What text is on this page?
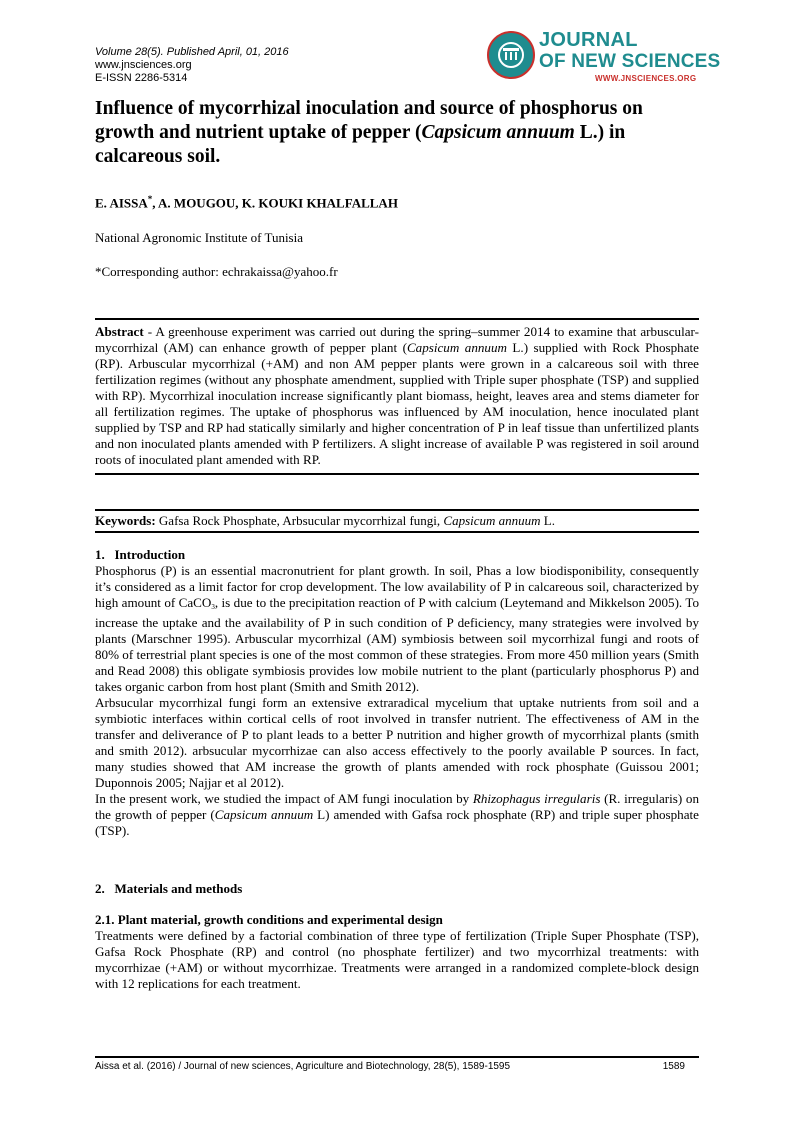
Volume 28(5). Published April, 01, 2016
www.jnsciences.org
E-ISSN 2286-5314
JOURNAL
OF NEW SCIENCES
WWW.JNSCIENCES.ORG
Influence of mycorrhizal inoculation and source of phosphorus on growth and nutrient uptake of pepper (Capsicum annuum L.) in calcareous soil.
E. AISSA*, A. MOUGOU, K. KOUKI KHALFALLAH
National Agronomic Institute of Tunisia
*Corresponding author: echrakaissa@yahoo.fr

Abstract - A greenhouse experiment was carried out during the spring–summer 2014 to examine that arbuscular-mycorrhizal (AM) can enhance growth of pepper plant (Capsicum annuum L.) supplied with Rock Phosphate (RP). Arbuscular mycorrhizal (+AM) and non AM pepper plants were grown in a calcareous soil with three fertilization regimes (without any phosphate amendment, supplied with Triple super phosphate (TSP) and supplied with RP). Mycorrhizal inoculation increase significantly plant biomass, height, leaves area and stems diameter for all fertilization regimes. The uptake of phosphorus was influenced by AM inoculation, hence inoculated plant supplied by TSP and RP had statically similarly and higher concentration of P in leaf tissue than unfertilized plants and non inoculated plants amended with P fertilizers. A slight increase of available P was registered in soil around roots of inoculated plant amended with RP.

Keywords: Gafsa Rock Phosphate, Arbsucular mycorrhizal fungi, Capsicum annuum L.
1.   Introduction

Phosphorus (P) is an essential macronutrient for plant growth. In soil, Phas a low biodisponibility, consequently it’s considered as a limit factor for crop development. The low availability of P in calcareous soil, characterized by high amount of CaCO$_3$, is due to the precipitation reaction of P with calcium (Leytemand and Mikkelson 2005). To increase the uptake and the availability of P in such condition of P deficiency, many strategies were involved by plants (Marschner 1995). Arbuscular mycorrhizal (AM) symbiosis between soil mycorrhizal fungi and roots of 80% of terrestrial plant species is one of the most common of these strategies. From more 450 million years (Smith and Read 2008) this obligate symbiosis provides low mobile nutrient to the plant (particularly phosphorus P) and takes organic carbon from host plant (Smith and Smith 2012).

Arbsucular mycorrhizal fungi form an extensive extraradical mycelium that uptake nutrients from soil and a symbiotic interfaces within cortical cells of root involved in transfer nutrient. The effectiveness of AM in the transfer and deliverance of P to plant leads to a better P nutrition and higher growth of mycorrhizal plants (smith and smith 2012). arbsucular mycorrhizae can also access effectively to the poorly available P sources. In fact, many studies showed that AM increase the growth of plants amended with rock phosphate (Guissou 2001; Duponnois 2005; Najjar et al 2012).

In the present work, we studied the impact of AM fungi inoculation by Rhizophagus irregularis (R. irregularis) on the growth of pepper (Capsicum annuum L) amended with Gafsa rock phosphate (RP) and triple super phosphate (TSP).

2.   Materials and methods
2.1. Plant material, growth conditions and experimental design

Treatments were defined by a factorial combination of three type of fertilization (Triple Super Phosphate (TSP), Gafsa Rock Phosphate (RP) and control (no phosphate fertilizer) and two mycorrhizal treatments: with mycorrhizae (+AM) or without mycorrhizae. Treatments were arranged in a randomized complete-block design with 12 replications for each treatment.

Aissa et al. (2016) / Journal of new sciences, Agriculture and Biotechnology, 28(5), 1589-1595	1589
